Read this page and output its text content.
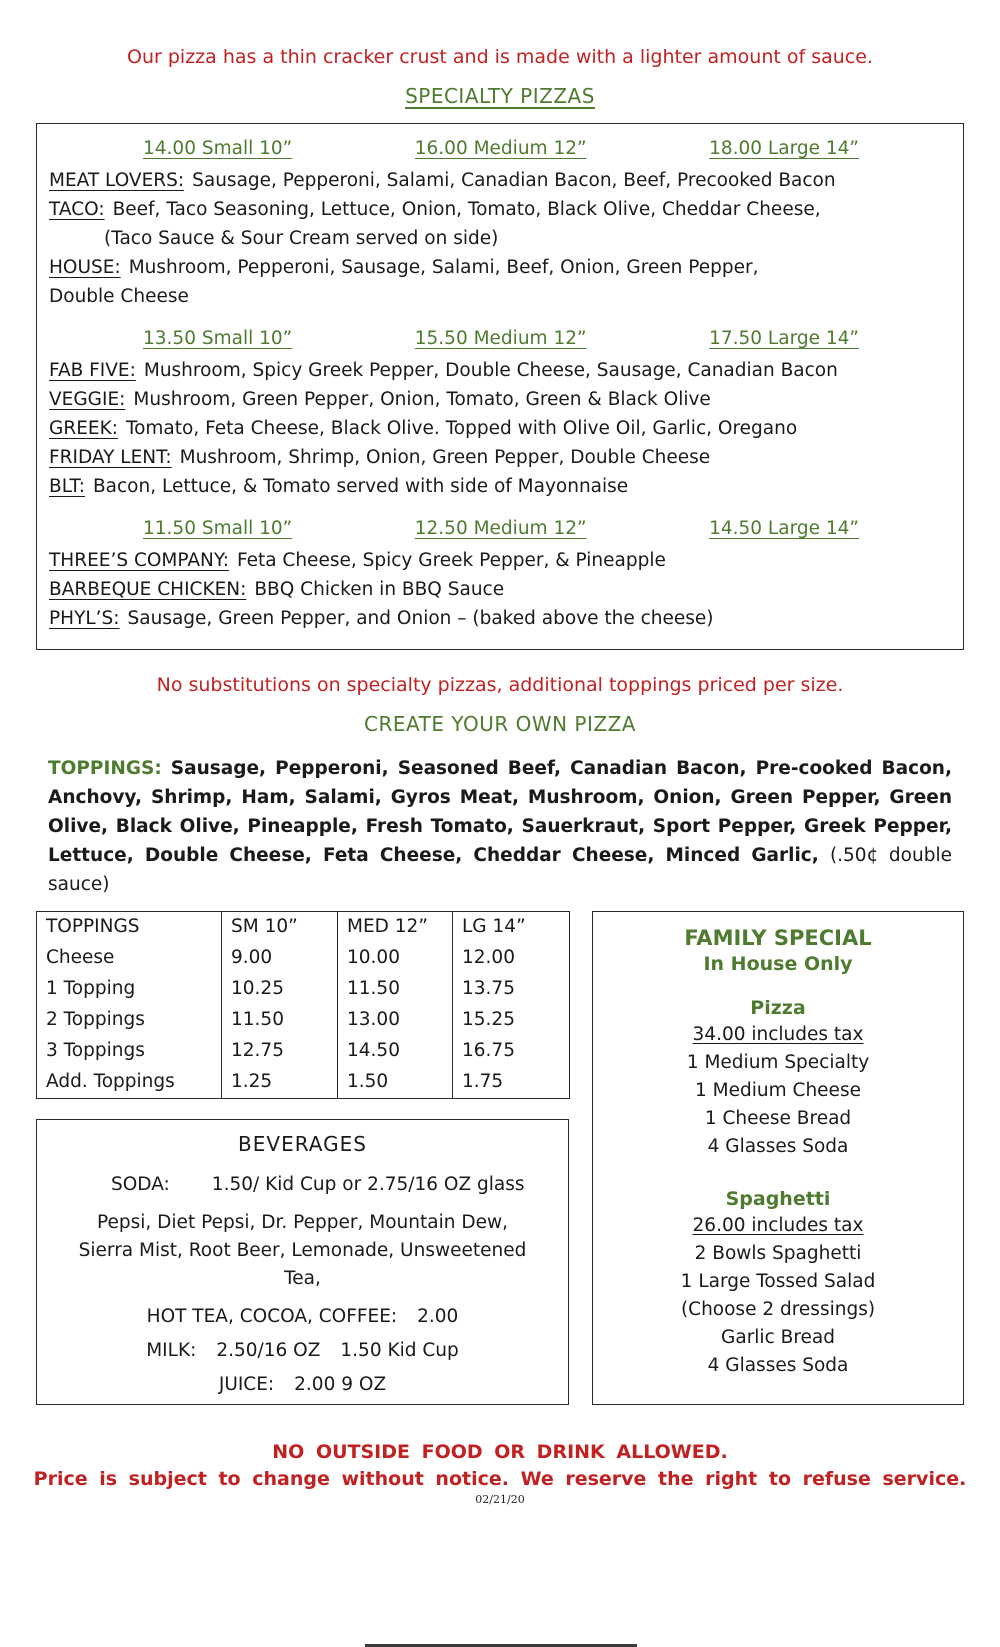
Our pizza has a thin cracker crust and is made with a lighter amount of sauce.

SPECIALTY PIZZAS
14.00 Small 10”	16.00 Medium 12”	18.00 Large 14”

MEAT LOVERS: Sausage, Pepperoni, Salami, Canadian Bacon, Beef, Precooked Bacon

TACO: Beef, Taco Seasoning, Lettuce, Onion, Tomato, Black Olive, Cheddar Cheese,

(Taco Sauce & Sour Cream served on side)

HOUSE: Mushroom, Pepperoni, Sausage, Salami, Beef, Onion, Green Pepper,

Double Cheese

13.50 Small 10”	15.50 Medium 12”	17.50 Large 14”

FAB FIVE: Mushroom, Spicy Greek Pepper, Double Cheese, Sausage, Canadian Bacon

VEGGIE: Mushroom, Green Pepper, Onion, Tomato, Green & Black Olive

GREEK: Tomato, Feta Cheese, Black Olive. Topped with Olive Oil, Garlic, Oregano

FRIDAY LENT: Mushroom, Shrimp, Onion, Green Pepper, Double Cheese

BLT: Bacon, Lettuce, & Tomato served with side of Mayonnaise

11.50 Small 10”	12.50 Medium 12”	14.50 Large 14”

THREE’S COMPANY: Feta Cheese, Spicy Greek Pepper, & Pineapple

BARBEQUE CHICKEN: BBQ Chicken in BBQ Sauce

PHYL’S: Sausage, Green Pepper, and Onion – (baked above the cheese)

No substitutions on specialty pizzas, additional toppings priced per size.

CREATE YOUR OWN PIZZA

TOPPINGS: Sausage, Pepperoni, Seasoned Beef, Canadian Bacon, Pre-cooked Bacon, Anchovy, Shrimp, Ham, Salami, Gyros Meat, Mushroom, Onion, Green Pepper, Green Olive, Black Olive, Pineapple, Fresh Tomato, Sauerkraut, Sport Pepper, Greek Pepper, Lettuce, Double Cheese, Feta Cheese, Cheddar Cheese, Minced Garlic, (.50¢ double sauce)

TOPPINGS	SM 10”	MED 12”	LG 14”
Cheese	9.00	10.00	12.00
1 Topping	10.25	11.50	13.75
2 Toppings	11.50	13.00	15.25
3 Toppings	12.75	14.50	16.75
Add. Toppings	1.25	1.50	1.75
BEVERAGES

SODA: 1.50/ Kid Cup or 2.75/16 OZ glass

Pepsi, Diet Pepsi, Dr. Pepper, Mountain Dew, Sierra Mist, Root Beer, Lemonade, Unsweetened Tea,

HOT TEA, COCOA, COFFEE: 2.00

MILK: 2.50/16 OZ 1.50 Kid Cup

JUICE: 2.00 9 OZ

FAMILY SPECIAL
In House Only
Pizza
34.00 includes tax
1 Medium Specialty
1 Medium Cheese
1 Cheese Bread
4 Glasses Soda
Spaghetti
26.00 includes tax
2 Bowls Spaghetti
1 Large Tossed Salad
(Choose 2 dressings)
Garlic Bread
4 Glasses Soda

NO OUTSIDE FOOD OR DRINK ALLOWED.

Price is subject to change without notice. We reserve the right to refuse service.

02/21/20
